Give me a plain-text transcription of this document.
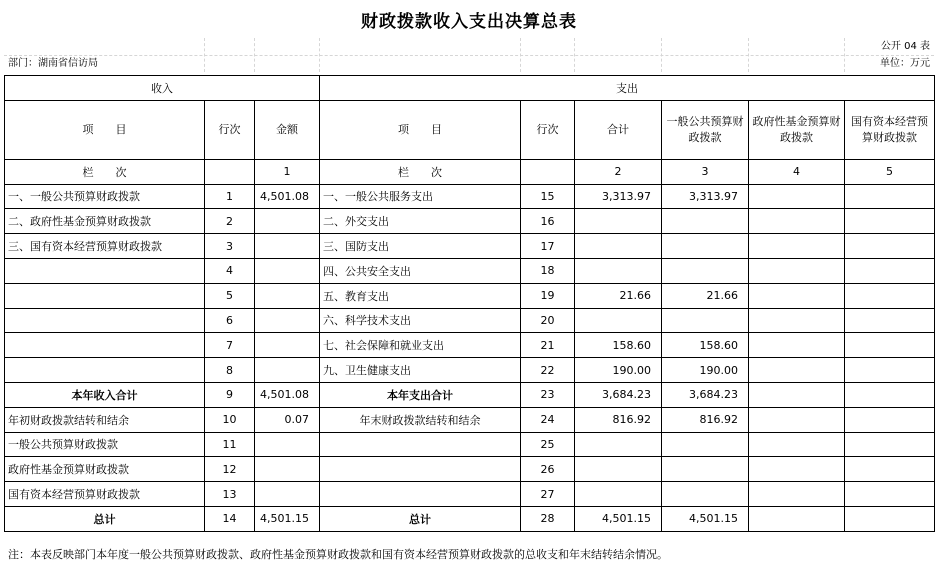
财政拨款收入支出决算总表
公开 04 表
部门：湖南省信访局	单位：万元
收入			支出					
项　　目	行次	金额	项　　目	行次	合计	一般公共预算财政拨款	政府性基金预算财政拨款	国有资本经营预算财政拨款
栏　　次		1	栏　　次		2	3	4	5
一、一般公共预算财政拨款	1	4,501.08	一、一般公共服务支出	15	3,313.97	3,313.97		
二、政府性基金预算财政拨款	2		二、外交支出	16				
三、国有资本经营预算财政拨款	3		三、国防支出	17				
	4		四、公共安全支出	18				
	5		五、教育支出	19	21.66	21.66		
	6		六、科学技术支出	20				
	7		七、社会保障和就业支出	21	158.60	158.60		
	8		九、卫生健康支出	22	190.00	190.00		
本年收入合计	9	4,501.08	本年支出合计	23	3,684.23	3,684.23		
年初财政拨款结转和结余	10	0.07	年末财政拨款结转和结余	24	816.92	816.92		
一般公共预算财政拨款	11			25				
政府性基金预算财政拨款	12			26				
国有资本经营预算财政拨款	13			27				
总计	14	4,501.15	总计	28	4,501.15	4,501.15		
注：本表反映部门本年度一般公共预算财政拨款、政府性基金预算财政拨款和国有资本经营预算财政拨款的总收支和年末结转结余情况。
